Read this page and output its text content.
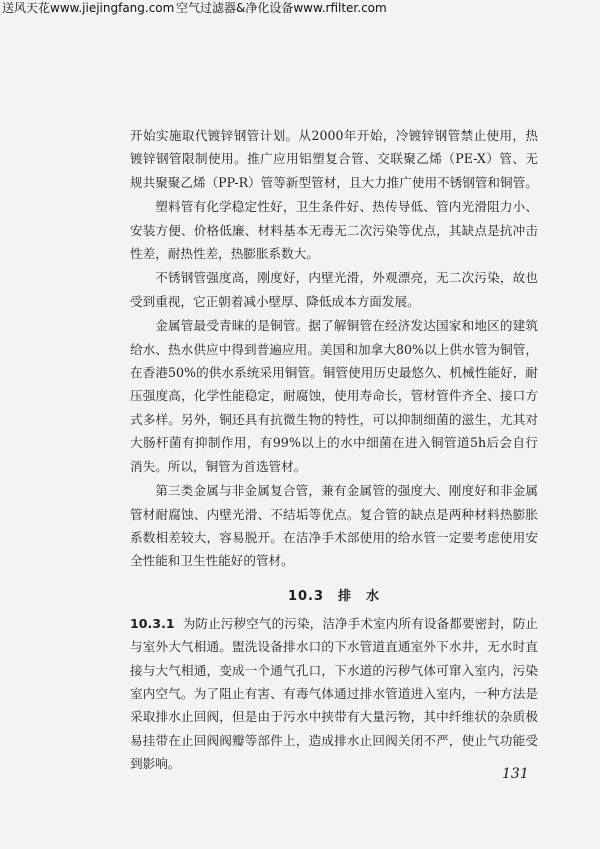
送风天花www.jiejingfang.com 空气过滤器&净化设备www.rfilter.com

开始实施取代镀锌钢管计划。从2000年开始，冷镀锌钢管禁止使用，热镀锌钢管限制使用。推广应用铝塑复合管、交联聚乙烯（PE-X）管、无规共聚聚乙烯（PP-R）管等新型管材，且大力推广使用不锈钢管和铜管。

塑料管有化学稳定性好，卫生条件好、热传导低、管内光滑阻力小、安装方便、价格低廉、材料基本无毒无二次污染等优点，其缺点是抗冲击性差，耐热性差，热膨胀系数大。

不锈钢管强度高，刚度好，内壁光滑，外观漂亮，无二次污染，故也受到重视，它正朝着减小壁厚、降低成本方面发展。

金属管最受青睐的是铜管。据了解铜管在经济发达国家和地区的建筑给水、热水供应中得到普遍应用。美国和加拿大80%以上供水管为铜管，在香港50%的供水系统采用铜管。铜管使用历史最悠久、机械性能好，耐压强度高，化学性能稳定，耐腐蚀，使用寿命长，管材管件齐全、接口方式多样。另外，铜还具有抗微生物的特性，可以抑制细菌的滋生，尤其对大肠杆菌有抑制作用，有99%以上的水中细菌在进入铜管道5h后会自行消失。所以，铜管为首选管材。

第三类金属与非金属复合管，兼有金属管的强度大、刚度好和非金属管材耐腐蚀、内壁光滑、不结垢等优点。复合管的缺点是两种材料热膨胀系数相差较大，容易脱开。在洁净手术部使用的给水管一定要考虑使用安全性能和卫生性能好的管材。

10.3 排　水

10.3.1 为防止污秽空气的污染，洁净手术室内所有设备都要密封，防止与室外大气相通。盥洗设备排水口的下水管道直通室外下水井，无水时直接与大气相通，变成一个通气孔口，下水道的污秽气体可窜入室内，污染室内空气。为了阻止有害、有毒气体通过排水管道进入室内，一种方法是采取排水止回阀，但是由于污水中挟带有大量污物，其中纤维状的杂质极易挂带在止回阀阀瓣等部件上，造成排水止回阀关闭不严，使止气功能受到影响。

131
